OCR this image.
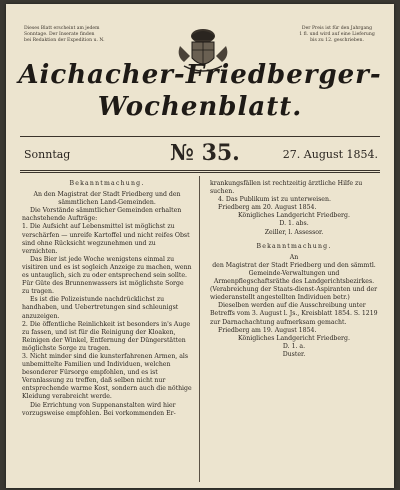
Dieses Blatt erscheint am jedem
Sonntage. Der Inserate finden
bei Redaktion der Expedition u. N.
Der Preis ist für den Jahrgang
1 fl. und wird auf eine Lieferung
bis zu 12. geschrieben.
Aichacher-Friedberger-
Wochenblatt.
Sonntag	№ 35.	27. August 1854.

Bekanntmachung.

An den Magistrat der Stadt Friedberg und den sämmtlichen Land-Gemeinden.

Die Vorstände sämmtlicher Gemeinden erhalten nachstehende Aufträge:

1. Die Aufsicht auf Lebensmittel ist möglichst zu verschärfen — unreife Kartoffel und nicht reifes Obst sind ohne Rücksicht wegzunehmen und zu vernichten.

Das Bier ist jede Woche wenigstens einmal zu visitiren und es ist sogleich Anzeige zu machen, wenn es untauglich, sich zu oder entsprechend sein sollte. Für Güte des Brunnenwassers ist möglichste Sorge zu tragen.

Es ist die Polizeistunde nachdrücklichst zu handhaben, und Uebertretungen sind schleunigst anzuzeigen.

2. Die öffentliche Reinlichkeit ist besonders in's Auge zu fassen, und ist für die Reinigung der Kloaken, Reinigen der Winkel, Entfernung der Düngerstätten möglichste Sorge zu tragen.

3. Nicht minder sind die kunsterfahrenen Armen, als unbemittelte Familien und Individuen, welchen besonderer Fürsorge empfohlen, und es ist Veranlassung zu treffen, daß selben nicht nur entsprechende warme Kost, sondern auch die nöthige Kleidung verabreicht werde.

Die Errichtung von Suppenanstalten wird hier vorzugsweise empfohlen. Bei vorkommenden Er-

krankungsfällen ist rechtzeitig ärztliche Hilfe zu suchen.

4. Das Publikum ist zu unterweisen.

Friedberg am 20. August 1854.

Königliches Landgericht Friedberg.

D. 1. abs.

Zeiller, l. Assessor.

Bekanntmachung.

An

den Magistrat der Stadt Friedberg und den sämmtl. Gemeinde-Verwaltungen und Armenpflegschaftsräthe des Landgerichtsbezirkes.

(Verabreichung der Staats-dienst-Aspiranten und der wiederanstellt angestellten Individuen betr.)

Dieselben werden auf die Ausschreibung unter Betreffs vom 3. August l. Js., Kreisblatt 1854. S. 1219 zur Darnachachtung aufmerksam gemacht.

Friedberg am 19. August 1854.

Königliches Landgericht Friedberg.

D. 1. a.

Duster.
